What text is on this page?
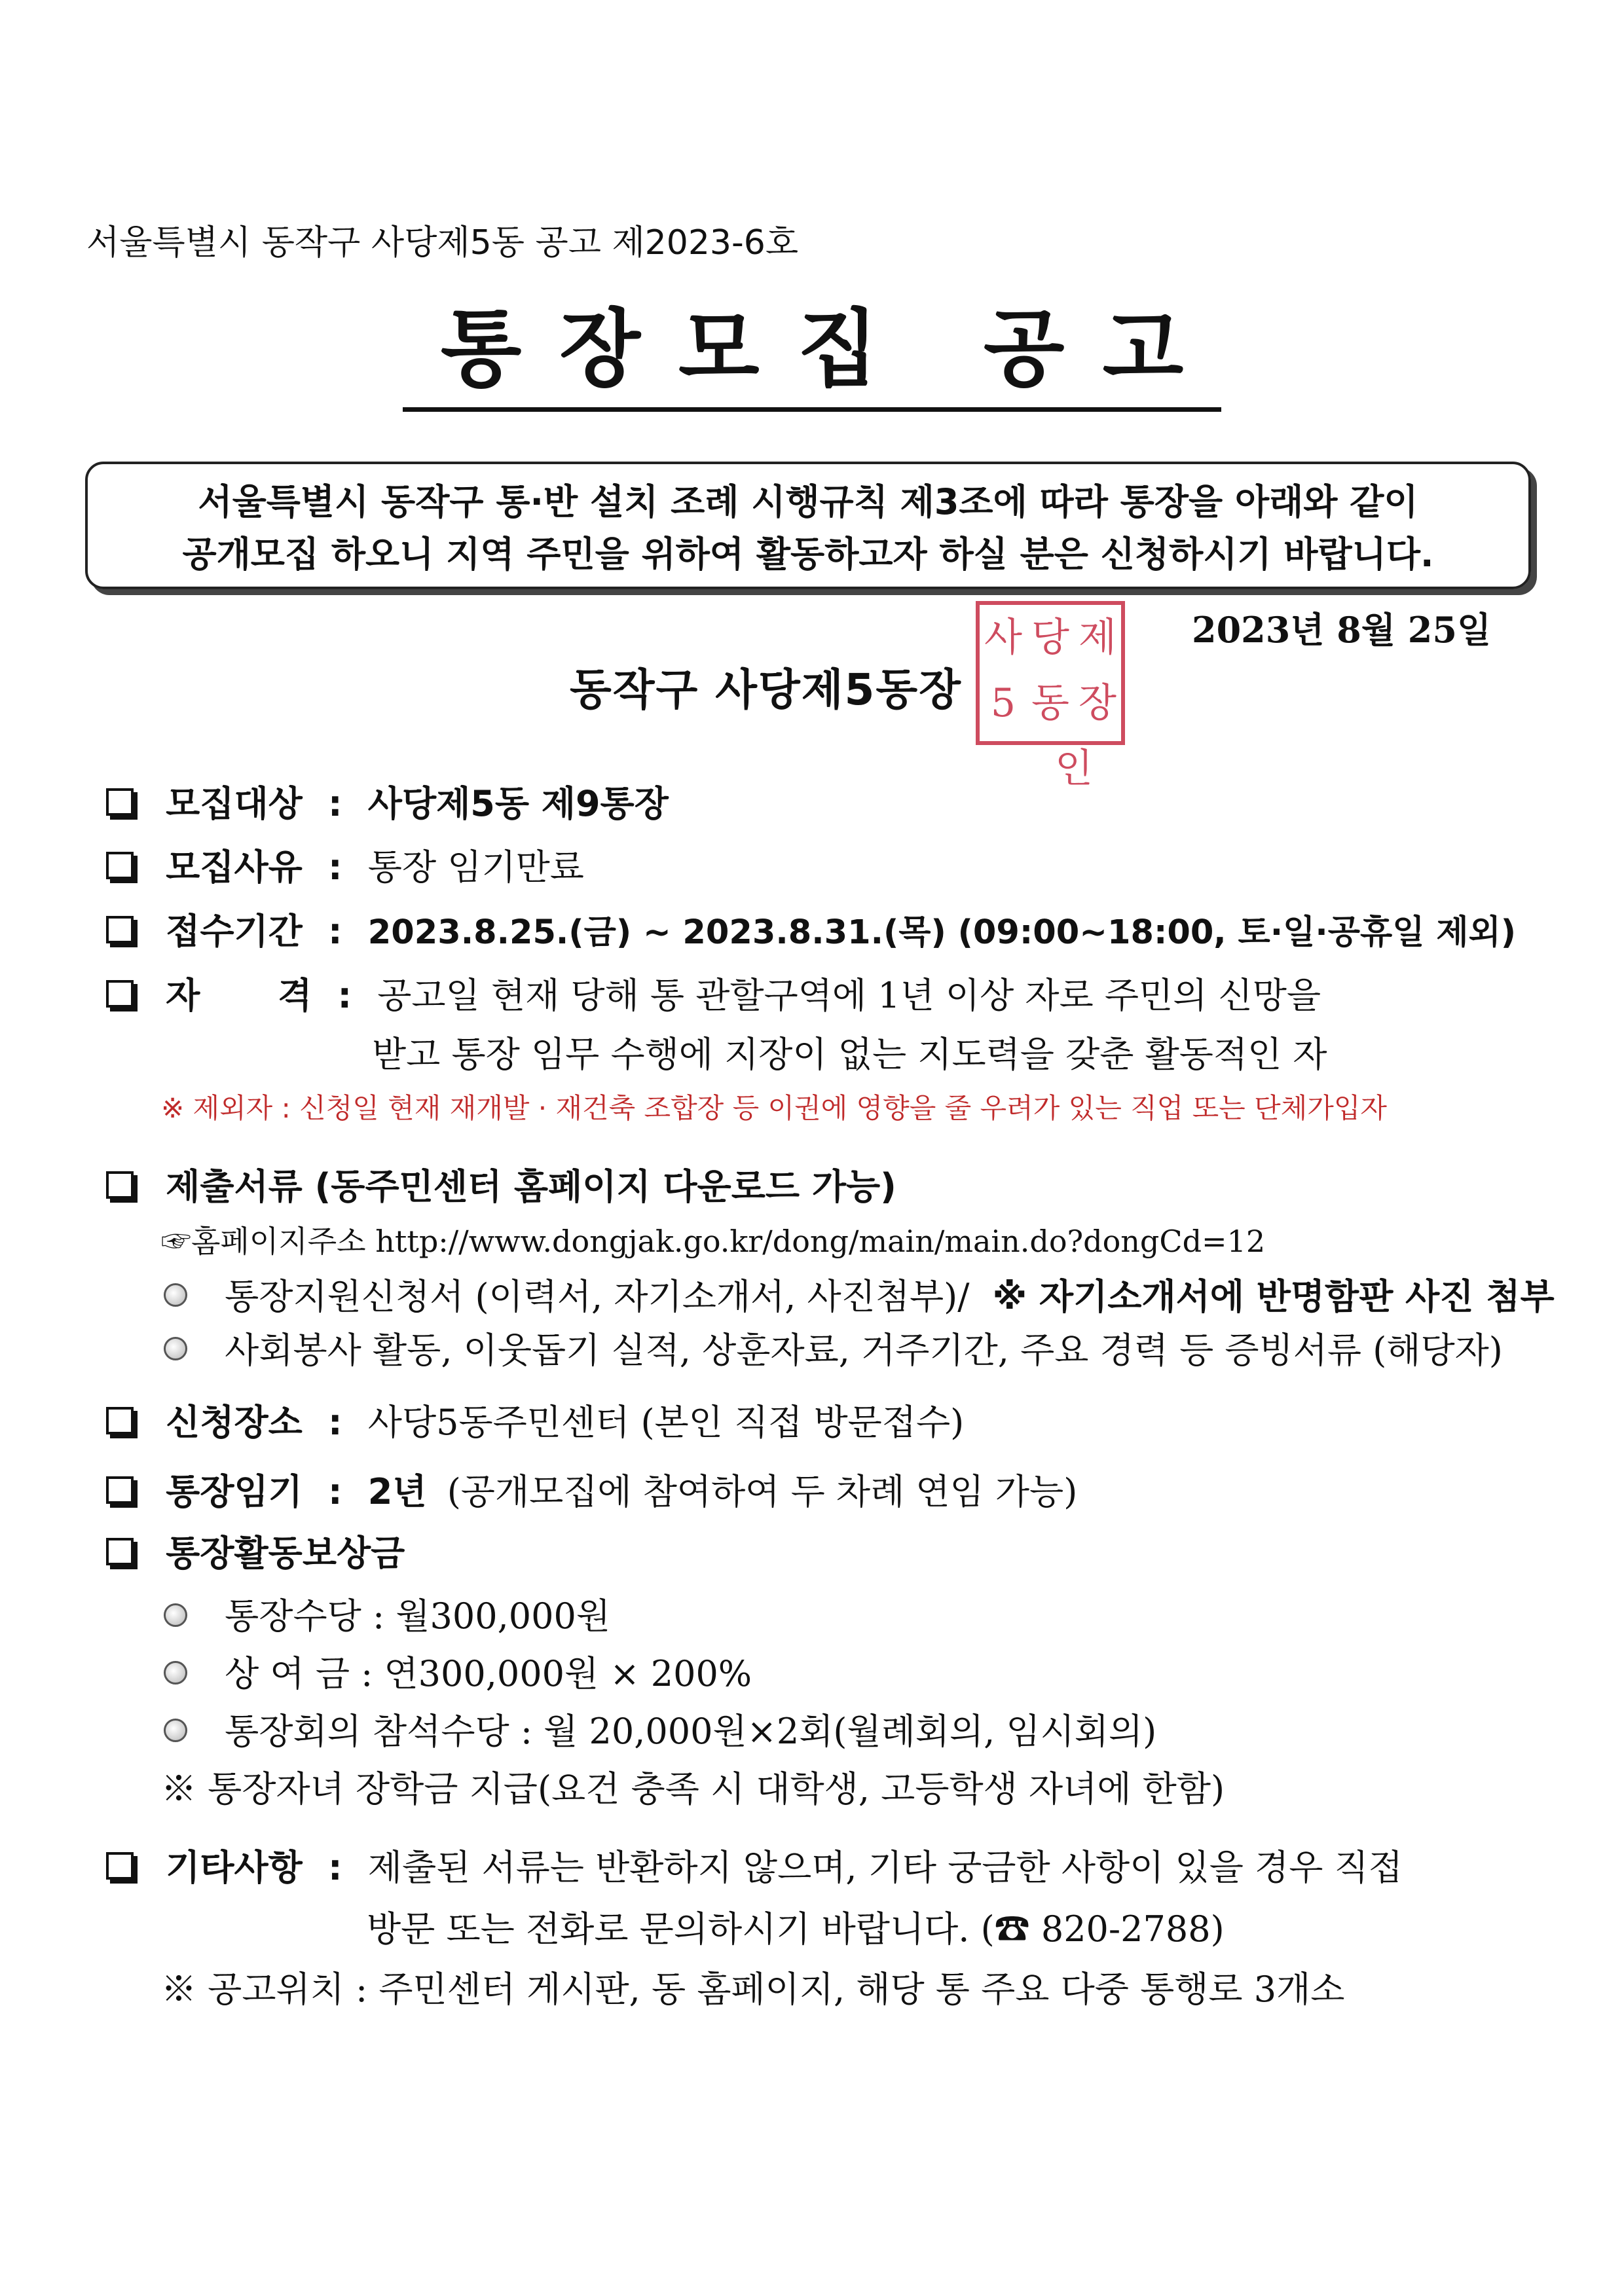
서울특별시 동작구 사당제5동 공고 제2023-6호
통장모집 공고
서울특별시 동작구 통·반 설치 조례 시행규칙 제3조에 따라 통장을 아래와 같이
공개모집 하오니 지역 주민을 위하여 활동하고자 하실 분은 신청하시기 바랍니다.
2023년 8월 25일
동작구 사당제5동장
사 당 제
5 동 장
인
모집대상 : 사당제5동 제9통장
모집사유 : 통장 임기만료
접수기간 : 2023.8.25.(금) ~ 2023.8.31.(목) (09:00~18:00, 토·일·공휴일 제외)
자 격 : 공고일 현재 당해 통 관할구역에 1년 이상 자로 주민의 신망을
받고 통장 임무 수행에 지장이 없는 지도력을 갖춘 활동적인 자
※ 제외자 : 신청일 현재 재개발 · 재건축 조합장 등 이권에 영향을 줄 우려가 있는 직업 또는 단체가입자
제출서류 (동주민센터 홈페이지 다운로드 가능)
☞홈페이지주소 http://www.dongjak.go.kr/dong/main/main.do?dongCd=12
통장지원신청서 (이력서, 자기소개서, 사진첨부)/ ※ 자기소개서에 반명함판 사진 첨부
사회봉사 활동, 이웃돕기 실적, 상훈자료, 거주기간, 주요 경력 등 증빙서류 (해당자)
신청장소 : 사당5동주민센터 (본인 직접 방문접수)
통장임기 : 2년 (공개모집에 참여하여 두 차례 연임 가능)
통장활동보상금
통장수당 : 월300,000원
상 여 금 : 연300,000원 × 200%
통장회의 참석수당 : 월 20,000원×2회(월례회의, 임시회의)
※ 통장자녀 장학금 지급(요건 충족 시 대학생, 고등학생 자녀에 한함)
기타사항 : 제출된 서류는 반환하지 않으며, 기타 궁금한 사항이 있을 경우 직접
방문 또는 전화로 문의하시기 바랍니다. (☎ 820-2788)
※ 공고위치 : 주민센터 게시판, 동 홈페이지, 해당 통 주요 다중 통행로 3개소
